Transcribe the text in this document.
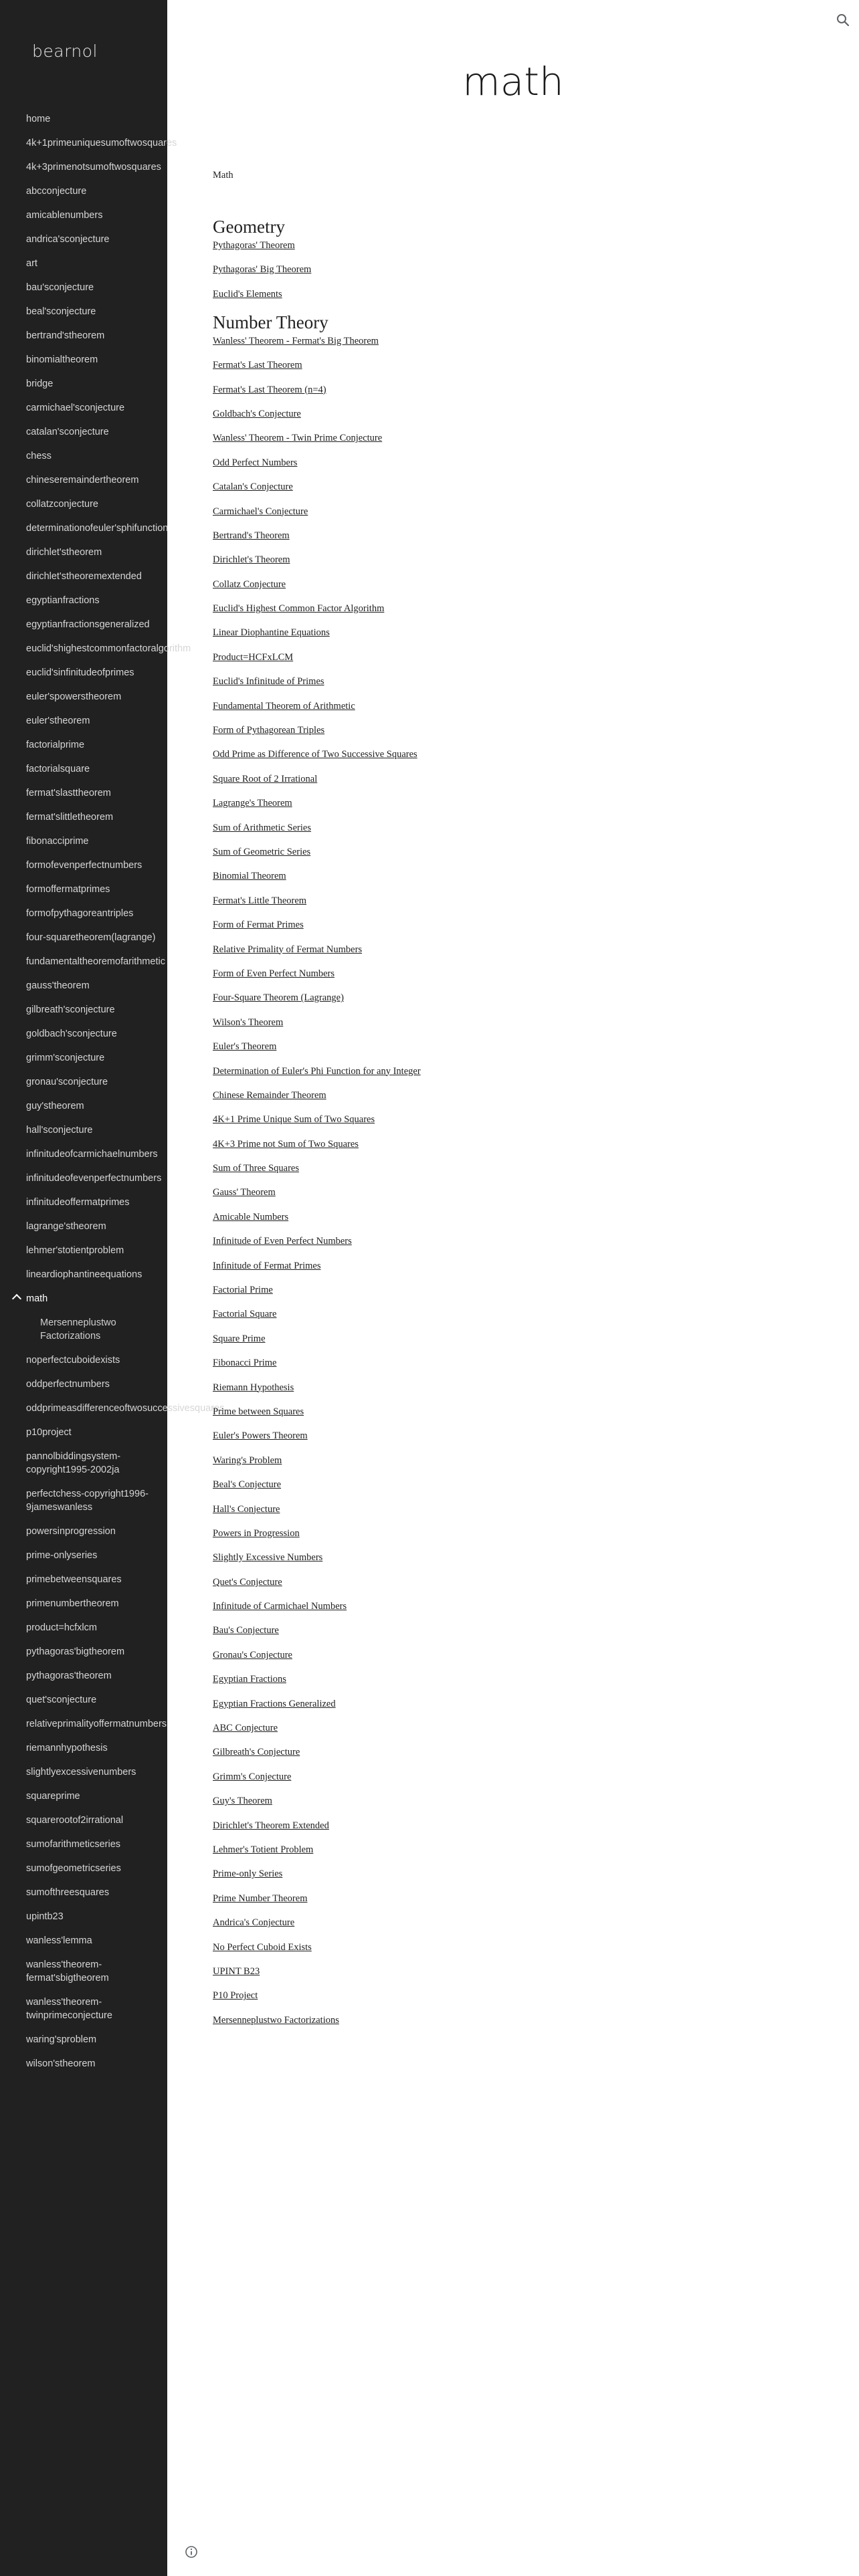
bearnol
home
4k+1primeuniquesumoftwosquares
4k+3primenotsumoftwosquares
abcconjecture
amicablenumbers
andrica'sconjecture
art
bau'sconjecture
beal'sconjecture
bertrand'stheorem
binomialtheorem
bridge
carmichael'sconjecture
catalan'sconjecture
chess
chineseremaindertheorem
collatzconjecture
determinationofeuler'sphifunction
dirichlet'stheorem
dirichlet'stheoremextended
egyptianfractions
egyptianfractionsgeneralized
euclid'shighestcommonfactoralgorithm
euclid'sinfinitudeofprimes
euler'spowerstheorem
euler'stheorem
factorialprime
factorialsquare
fermat'slasttheorem
fermat'slittletheorem
fibonacciprime
formofevenperfectnumbers
formoffermatprimes
formofpythagoreantriples
four-squaretheorem(lagrange)
fundamentaltheoremofarithmetic
gauss'theorem
gilbreath'sconjecture
goldbach'sconjecture
grimm'sconjecture
gronau'sconjecture
guy'stheorem
hall'sconjecture
infinitudeofcarmichaelnumbers
infinitudeofevenperfectnumbers
infinitudeoffermatprimes
lagrange'stheorem
lehmer'stotientproblem
lineardiophantineequations
math
Mersenneplustwo Factorizations
noperfectcuboidexists
oddperfectnumbers
oddprimeasdifferenceoftwosuccessivesquares
p10project
pannolbiddingsystem-copyright1995-2002ja
perfectchess-copyright1996-9jameswanless
powersinprogression
prime-onlyseries
primebetweensquares
primenumbertheorem
product=hcfxlcm
pythagoras'bigtheorem
pythagoras'theorem
quet'sconjecture
relativeprimalityoffermatnumbers
riemannhypothesis
slightlyexcessivenumbers
squareprime
squarerootof2irrational
sumofarithmeticseries
sumofgeometricseries
sumofthreesquares
upintb23
wanless'lemma
wanless'theorem-fermat'sbigtheorem
wanless'theorem-twinprimeconjecture
waring'sproblem
wilson'stheorem
math

Math

Geometry
Pythagoras' Theorem
Pythagoras' Big Theorem
Euclid's Elements
Number Theory
Wanless' Theorem - Fermat's Big Theorem
Fermat's Last Theorem
Fermat's Last Theorem (n=4)
Goldbach's Conjecture
Wanless' Theorem - Twin Prime Conjecture
Odd Perfect Numbers
Catalan's Conjecture
Carmichael's Conjecture
Bertrand's Theorem
Dirichlet's Theorem
Collatz Conjecture
Euclid's Highest Common Factor Algorithm
Linear Diophantine Equations
Product=HCFxLCM
Euclid's Infinitude of Primes
Fundamental Theorem of Arithmetic
Form of Pythagorean Triples
Odd Prime as Difference of Two Successive Squares
Square Root of 2 Irrational
Lagrange's Theorem
Sum of Arithmetic Series
Sum of Geometric Series
Binomial Theorem
Fermat's Little Theorem
Form of Fermat Primes
Relative Primality of Fermat Numbers
Form of Even Perfect Numbers
Four-Square Theorem (Lagrange)
Wilson's Theorem
Euler's Theorem
Determination of Euler's Phi Function for any Integer
Chinese Remainder Theorem
4K+1 Prime Unique Sum of Two Squares
4K+3 Prime not Sum of Two Squares
Sum of Three Squares
Gauss' Theorem
Amicable Numbers
Infinitude of Even Perfect Numbers
Infinitude of Fermat Primes
Factorial Prime
Factorial Square
Square Prime
Fibonacci Prime
Riemann Hypothesis
Prime between Squares
Euler's Powers Theorem
Waring's Problem
Beal's Conjecture
Hall's Conjecture
Powers in Progression
Slightly Excessive Numbers
Quet's Conjecture
Infinitude of Carmichael Numbers
Bau's Conjecture
Gronau's Conjecture
Egyptian Fractions
Egyptian Fractions Generalized
ABC Conjecture
Gilbreath's Conjecture
Grimm's Conjecture
Guy's Theorem
Dirichlet's Theorem Extended
Lehmer's Totient Problem
Prime-only Series
Prime Number Theorem
Andrica's Conjecture
No Perfect Cuboid Exists
UPINT B23
P10 Project
Mersenneplustwo Factorizations
